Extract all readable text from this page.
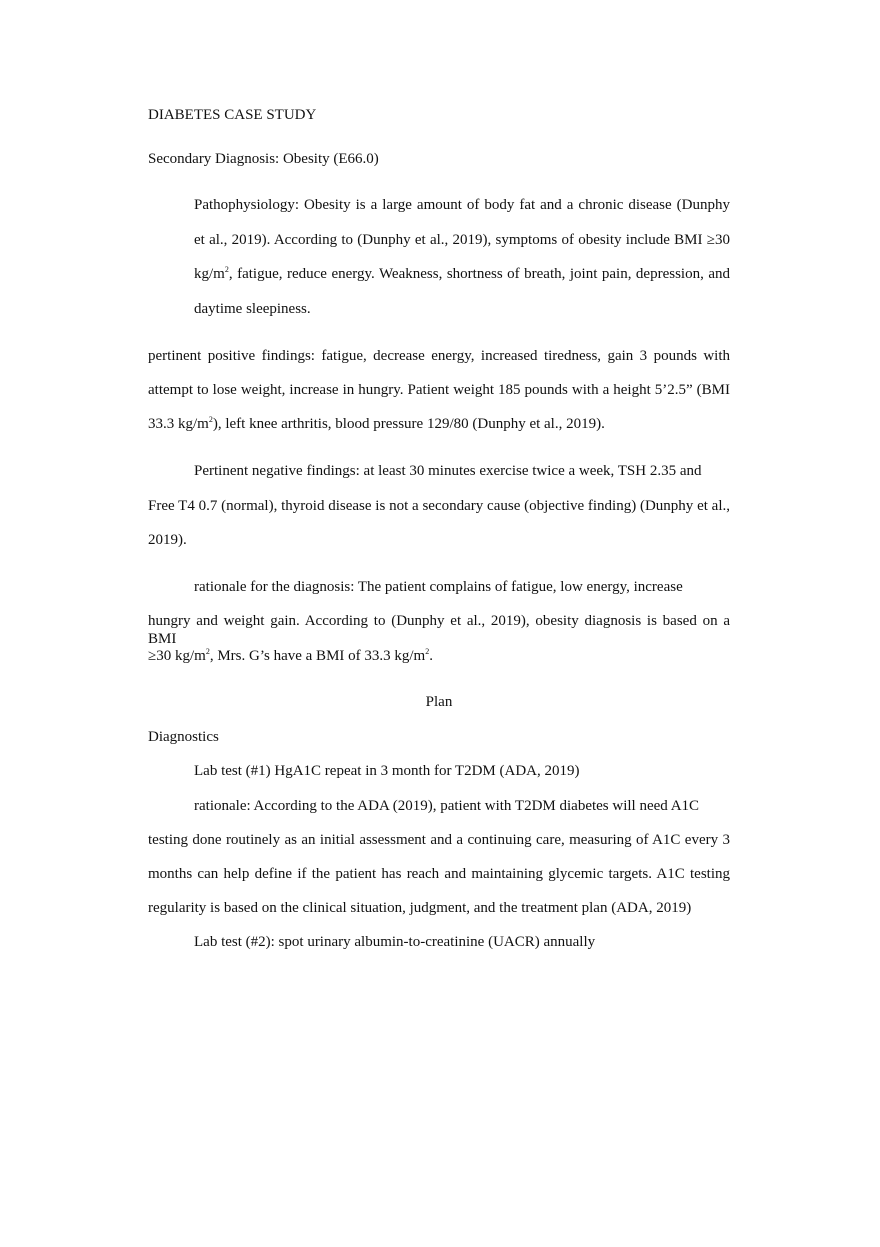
DIABETES CASE STUDY
Secondary Diagnosis: Obesity (E66.0)
Pathophysiology: Obesity is a large amount of body fat and a chronic disease (Dunphy
et al., 2019). According to (Dunphy et al., 2019), symptoms of obesity include BMI ≥30
$kg/m^2$, fatigue, reduce energy. Weakness, shortness of breath, joint pain, depression, and
daytime sleepiness.
pertinent positive findings: fatigue, decrease energy, increased tiredness, gain 3 pounds with
attempt to lose weight, increase in hungry. Patient weight 185 pounds with a height 5’2.5” (BMI
33.3 $kg/m^2$), left knee arthritis, blood pressure 129/80 (Dunphy et al., 2019).
Pertinent negative findings: at least 30 minutes exercise twice a week, TSH 2.35 and
Free T4 0.7 (normal), thyroid disease is not a secondary cause (objective finding) (Dunphy et al.,
2019).
rationale for the diagnosis: The patient complains of fatigue, low energy, increase
hungry and weight gain. According to (Dunphy et al., 2019), obesity diagnosis is based on a BMI
≥30 $kg/m^2$, Mrs. G’s have a BMI of 33.3 $kg/m^2$.
Plan
Diagnostics
Lab test (#1) HgA1C repeat in 3 month for T2DM (ADA, 2019)
rationale: According to the ADA (2019), patient with T2DM diabetes will need A1C
testing done routinely as an initial assessment and a continuing care, measuring of A1C every 3
months can help define if the patient has reach and maintaining glycemic targets. A1C testing
regularity is based on the clinical situation, judgment, and the treatment plan (ADA, 2019)
Lab test (#2): spot urinary albumin-to-creatinine (UACR) annually
